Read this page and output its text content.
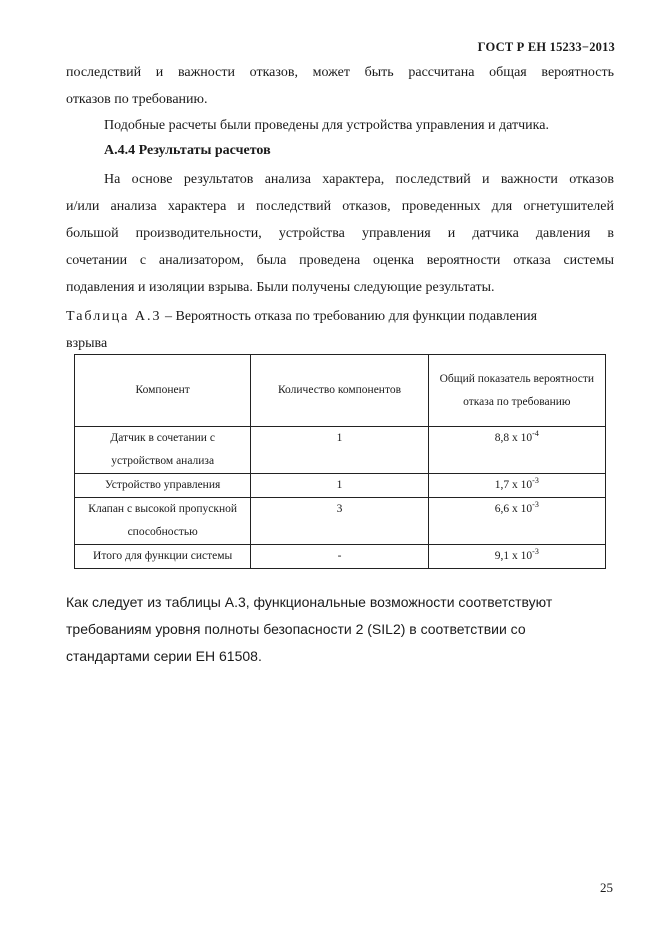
ГОСТ Р ЕН 15233−2013
последствий и важности отказов, может быть рассчитана общая вероятность
отказов по требованию.
Подобные расчеты были проведены для устройства управления и датчика.
А.4.4 Результаты расчетов
На основе результатов анализа характера, последствий и важности отказов
и/или анализа характера и последствий отказов, проведенных для огнетушителей
большой производительности, устройства управления и датчика давления в
сочетании с анализатором, была проведена оценка вероятности отказа системы
подавления и изоляции взрыва. Были получены следующие результаты.
Таблица А.3 – Вероятность отказа по требованию для функции подавления
взрыва
Компонент	Количество компонентов	Общий показатель вероятности отказа по требованию
Датчик в сочетании с устройством анализа	1	8,8 x $10^{-4}$
Устройство управления	1	1,7 x $10^{-3}$
Клапан с высокой пропускной способностью	3	6,6 x $10^{-3}$
Итого для функции системы	-	9,1 x $10^{-3}$
Как следует из таблицы А.3, функциональные возможности соответствуют требованиям уровня полноты безопасности 2 (SIL2) в соответствии со стандартами серии ЕН 61508.
25
